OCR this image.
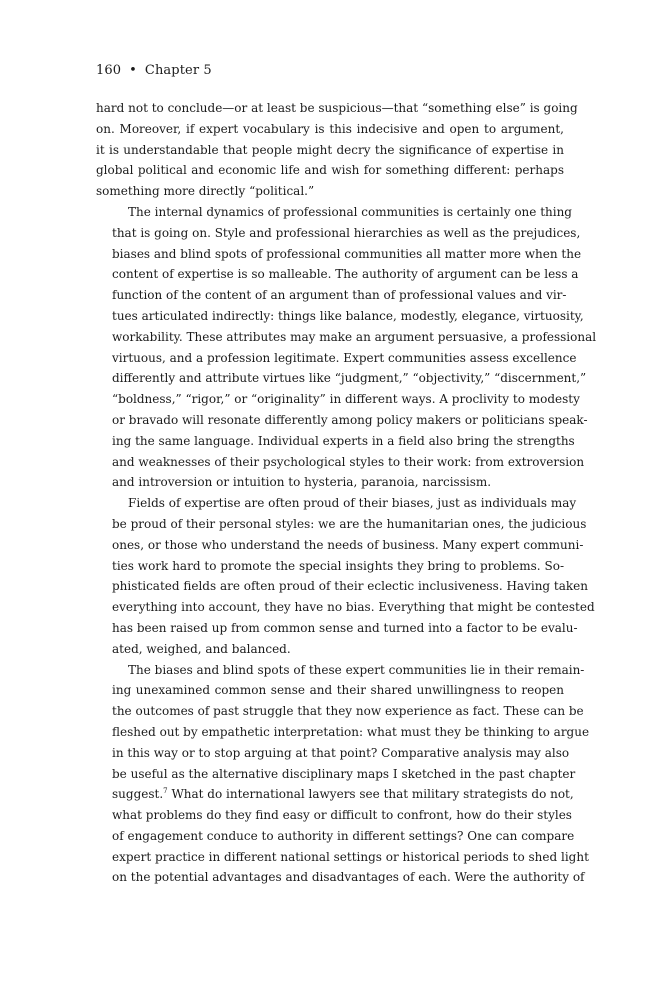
160 • Chapter 5

hard not to conclude—or at least be suspicious—that “something else” is going
on. Moreover, if expert vocabulary is this indecisive and open to argument,
it is understandable that people might decry the significance of expertise in
global political and economic life and wish for something different: perhaps
something more directly “political.”

The internal dynamics of professional communities is certainly one thing
that is going on. Style and professional hierarchies as well as the prejudices,
biases and blind spots of professional communities all matter more when the
content of expertise is so malleable. The authority of argument can be less a
function of the content of an argument than of professional values and vir-
tues articulated indirectly: things like balance, modestly, elegance, virtuosity,
workability. These attributes may make an argument persuasive, a professional
virtuous, and a profession legitimate. Expert communities assess excellence
differently and attribute virtues like “judgment,” “objectivity,” “discernment,”
“boldness,” “rigor,” or “originality” in different ways. A proclivity to modesty
or bravado will resonate differently among policy makers or politicians speak-
ing the same language. Individual experts in a field also bring the strengths
and weaknesses of their psychological styles to their work: from extroversion
and introversion or intuition to hysteria, paranoia, narcissism.

Fields of expertise are often proud of their biases, just as individuals may
be proud of their personal styles: we are the humanitarian ones, the judicious
ones, or those who understand the needs of business. Many expert communi-
ties work hard to promote the special insights they bring to problems. So-
phisticated fields are often proud of their eclectic inclusiveness. Having taken
everything into account, they have no bias. Everything that might be contested
has been raised up from common sense and turned into a factor to be evalu-
ated, weighed, and balanced.

The biases and blind spots of these expert communities lie in their remain-
ing unexamined common sense and their shared unwillingness to reopen
the outcomes of past struggle that they now experience as fact. These can be
fleshed out by empathetic interpretation: what must they be thinking to argue
in this way or to stop arguing at that point? Comparative analysis may also
be useful as the alternative disciplinary maps I sketched in the past chapter
suggest.$^7$ What do international lawyers see that military strategists do not,
what problems do they find easy or difficult to confront, how do their styles
of engagement conduce to authority in different settings? One can compare
expert practice in different national settings or historical periods to shed light
on the potential advantages and disadvantages of each. Were the authority of
